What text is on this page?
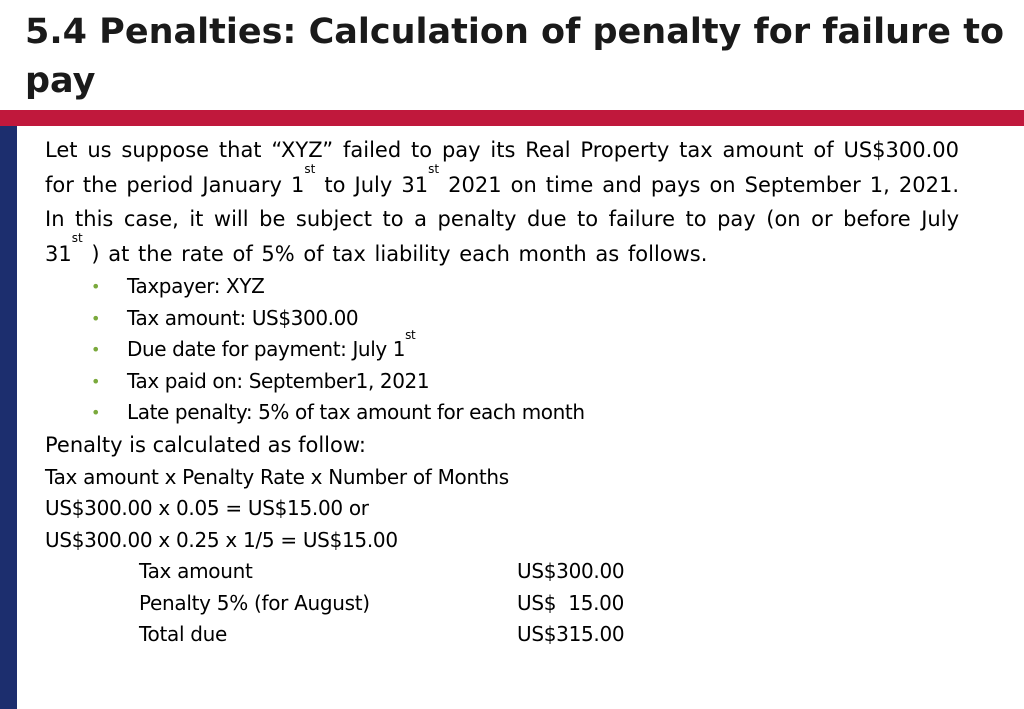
5.4 Penalties: Calculation of penalty for failure to pay

Let us suppose that “XYZ” failed to pay its Real Property tax amount of US$300.00 for the period January 1st to July 31st 2021 on time and pays on September 1, 2021. In this case, it will be subject to a penalty due to failure to pay (on or before July 31st ) at the rate of 5% of tax liability each month as follows.

• Taxpayer: XYZ
• Tax amount: US$300.00
• Due date for payment: July 1st
• Tax paid on: September1, 2021
• Late penalty: 5% of tax amount for each month

Penalty is calculated as follow:

Tax amount x Penalty Rate x Number of Months

US$300.00 x 0.05 = US$15.00 or

US$300.00 x 0.25 x 1/5 = US$15.00

Tax amount	US$300.00
Penalty 5% (for August)	US$  15.00
Total due	US$315.00
